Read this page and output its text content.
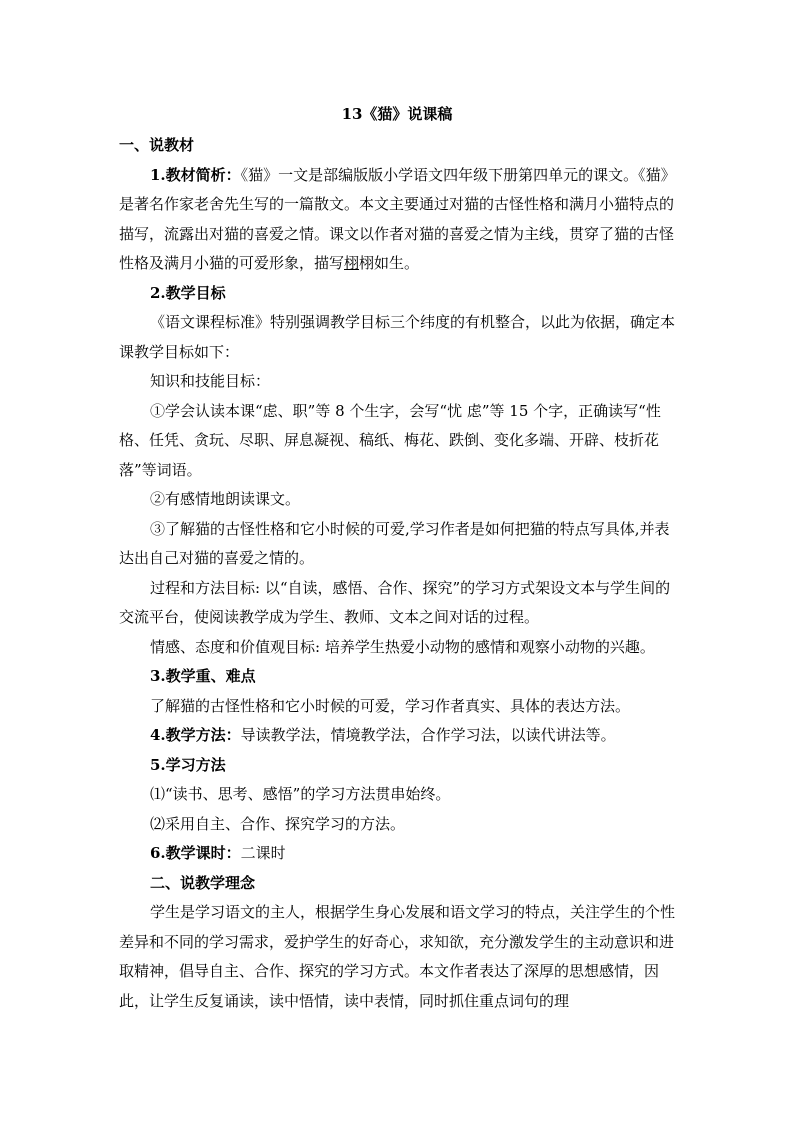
13《猫》说课稿

一、说教材

1.教材简析：《猫》一文是部编版版小学语文四年级下册第四单元的课文。《猫》是著名作家老舍先生写的一篇散文。本文主要通过对猫的古怪性格和满月小猫特点的描写，流露出对猫的喜爱之情。课文以作者对猫的喜爱之情为主线，贯穿了猫的古怪性格及满月小猫的可爱形象，描写栩栩如生。

2.教学目标

《语文课程标准》特别强调教学目标三个纬度的有机整合，以此为依据，确定本课教学目标如下：

知识和技能目标：

①学会认读本课“虑、职”等 8 个生字，会写“忧 虑”等 15 个字，正确读写“性格、任凭、贪玩、尽职、屏息凝视、稿纸、梅花、跌倒、变化多端、开辟、枝折花落”等词语。

②有感情地朗读课文。

③了解猫的古怪性格和它小时候的可爱,学习作者是如何把猫的特点写具体,并表达出自己对猫的喜爱之情的。

过程和方法目标: 以“自读，感悟、合作、探究”的学习方式架设文本与学生间的交流平台，使阅读教学成为学生、教师、文本之间对话的过程。

情感、态度和价值观目标: 培养学生热爱小动物的感情和观察小动物的兴趣。

3.教学重、难点

了解猫的古怪性格和它小时候的可爱，学习作者真实、具体的表达方法。

4.教学方法：导读教学法，情境教学法，合作学习法，以读代讲法等。

5.学习方法

⑴“读书、思考、感悟”的学习方法贯串始终。

⑵采用自主、合作、探究学习的方法。

6.教学课时：二课时

二、说教学理念

学生是学习语文的主人，根据学生身心发展和语文学习的特点，关注学生的个性差异和不同的学习需求，爱护学生的好奇心，求知欲，充分激发学生的主动意识和进取精神，倡导自主、合作、探究的学习方式。本文作者表达了深厚的思想感情，因此，让学生反复诵读，读中悟情，读中表情，同时抓住重点词句的理
